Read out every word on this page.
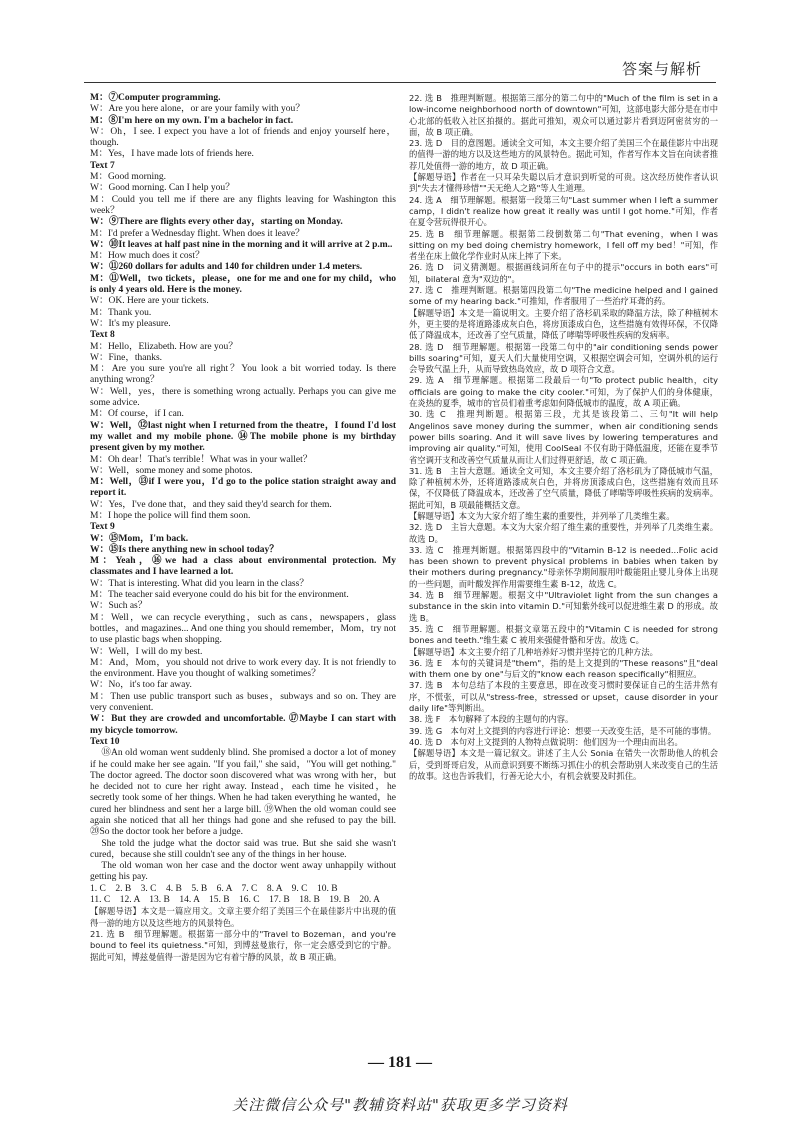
答案与解析

M：⑦Computer programming.

W：Are you here alone，or are your family with you？

M：⑧I'm here on my own. I'm a bachelor in fact.

W：Oh，I see. I expect you have a lot of friends and enjoy yourself here，though.

M：Yes，I have made lots of friends here.

Text 7

M：Good morning.

W：Good morning. Can I help you？

M：Could you tell me if there are any flights leaving for Washington this week？

W：⑨There are flights every other day，starting on Monday.

M：I'd prefer a Wednesday flight. When does it leave？

W：⑩It leaves at half past nine in the morning and it will arrive at 2 p.m..

M：How much does it cost？

W：⑪260 dollars for adults and 140 for children under 1.4 meters.

M：⑪Well，two tickets，please，one for me and one for my child，who is only 4 years old. Here is the money.

W：OK. Here are your tickets.

M：Thank you.

W：It's my pleasure.

Text 8

M：Hello，Elizabeth. How are you？

W：Fine，thanks.

M：Are you sure you're all right？You look a bit worried today. Is there anything wrong？

W：Well，yes，there is something wrong actually. Perhaps you can give me some advice.

M：Of course，if I can.

W：Well，⑫last night when I returned from the theatre，I found I'd lost my wallet and my mobile phone. ⑭The mobile phone is my birthday present given by my mother.

M：Oh dear！That's terrible！What was in your wallet？

W：Well，some money and some photos.

M：Well，⑬if I were you，I'd go to the police station straight away and report it.

W：Yes，I've done that，and they said they'd search for them.

M：I hope the police will find them soon.

Text 9

W：⑮Mom，I'm back.

W：⑮Is there anything new in school today？

M：Yeah，⑯we had a class about environmental protection. My classmates and I have learned a lot.

W：That is interesting. What did you learn in the class？

M：The teacher said everyone could do his bit for the environment.

W：Such as？

M：Well，we can recycle everything，such as cans，newspapers，glass bottles，and magazines... And one thing you should remember，Mom，try not to use plastic bags when shopping.

W：Well，I will do my best.

M：And，Mom，you should not drive to work every day. It is not friendly to the environment. Have you thought of walking sometimes？

W：No，it's too far away.

M：Then use public transport such as buses，subways and so on. They are very convenient.

W：But they are crowded and uncomfortable. ⑰Maybe I can start with my bicycle tomorrow.

Text 10

⑱An old woman went suddenly blind. She promised a doctor a lot of money if he could make her see again. "If you fail," she said，"You will get nothing." The doctor agreed. The doctor soon discovered what was wrong with her，but he decided not to cure her right away. Instead，each time he visited，he secretly took some of her things. When he had taken everything he wanted，he cured her blindness and sent her a large bill. ⑲When the old woman could see again she noticed that all her things had gone and she refused to pay the bill. ⑳So the doctor took her before a judge.

She told the judge what the doctor said was true. But she said she wasn't cured，because she still couldn't see any of the things in her house.

The old woman won her case and the doctor went away unhappily without getting his pay.

1. C　2. B　3. C　4. B　5. B　6. A　7. C　8. A　9. C　10. B

11. C　12. A　13. B　14. A　15. B　16. C　17. B　18. B　19. B　20. A

【解题导语】本文是一篇应用文。文章主要介绍了美国三个在最佳影片中出现的值得一游的地方以及这些地方的风景特色。

21. 选 B　细节理解题。根据第一部分中的"Travel to Bozeman，and you're bound to feel its quietness."可知，到博兹曼旅行，你一定会感受到它的宁静。据此可知，博兹曼值得一游是因为它有着宁静的风景，故 B 项正确。

22. 选 B　推理判断题。根据第三部分的第二句中的"Much of the film is set in a low-income neighborhood north of downtown"可知，这部电影大部分是在市中心北部的低收入社区拍摄的。据此可推知，观众可以通过影片看到迈阿密贫穷的一面，故 B 项正确。

23. 选 D　目的意图题。通读全文可知，本文主要介绍了美国三个在最佳影片中出现的值得一游的地方以及这些地方的风景特色。据此可知，作者写作本文旨在向读者推荐几处值得一游的地方，故 D 项正确。

【解题导语】作者在一只耳朵失聪以后才意识到听觉的可贵。这次经历使作者认识到"失去才懂得珍惜""天无绝人之路"等人生道理。

24. 选 A　细节理解题。根据第一段第三句"Last summer when I left a summer camp，I didn't realize how great it really was until I got home."可知，作者在夏令营玩得很开心。

25. 选 B　细节理解题。根据第二段倒数第二句"That evening，when I was sitting on my bed doing chemistry homework，I fell off my bed！"可知，作者坐在床上做化学作业时从床上摔了下来。

26. 选 D　词义猜测题。根据画线词所在句子中的提示"occurs in both ears"可知，bilateral 意为"双边的"。

27. 选 C　推理判断题。根据第四段第二句"The medicine helped and I gained some of my hearing back."可推知，作者服用了一些治疗耳聋的药。

【解题导语】本文是一篇说明文。主要介绍了洛杉矶采取的降温方法，除了种植树木外，更主要的是将道路漆成灰白色，将房顶漆成白色，这些措施有效得环保，不仅降低了降温成本，还改善了空气质量，降低了哮喘等呼吸性疾病的发病率。

28. 选 D　细节理解题。根据第一段第二句中的"air conditioning sends power bills soaring"可知，夏天人们大量使用空调，又根据空调会可知，空调外机的运行会导致气温上升，从而导致热岛效应，故 D 项符合文意。

29. 选 A　细节理解题。根据第二段最后一句"To protect public health，city officials are going to make the city cooler."可知，为了保护人们的身体健康，在炎热的夏季，城市的官员们着重考虑如何降低城市的温度，故 A 项正确。

30. 选 C　推理判断题。根据第三段，尤其是该段第二、三句"It will help Angelinos save money during the summer，when air conditioning sends power bills soaring. And it will save lives by lowering temperatures and improving air quality."可知，使用 CoolSeal 不仅有助于降低温度，还能在夏季节省空调开支和改善空气质量从而让人们过得更舒适，故 C 项正确。

31. 选 B　主旨大意题。通读全文可知，本文主要介绍了洛杉矶为了降低城市气温，除了种植树木外，还将道路漆成灰白色，并将房顶漆成白色，这些措施有效而且环保，不仅降低了降温成本，还改善了空气质量，降低了哮喘等呼吸性疾病的发病率。据此可知，B 项最能概括文意。

【解题导语】本文为大家介绍了维生素的重要性，并列举了几类维生素。

32. 选 D　主旨大意题。本文为大家介绍了维生素的重要性，并列举了几类维生素。故选 D。

33. 选 C　推理判断题。根据第四段中的"Vitamin B-12 is needed...Folic acid has been shown to prevent physical problems in babies when taken by their mothers during pregnancy."母亲怀孕期间服用叶酸能阻止婴儿身体上出现的一些问题，而叶酸发挥作用需要维生素 B-12，故选 C。

34. 选 B　细节理解题。根据文中"Ultraviolet light from the sun changes a substance in the skin into vitamin D."可知紫外线可以促进维生素 D 的形成。故选 B。

35. 选 C　细节理解题。根据文章第五段中的"Vitamin C is needed for strong bones and teeth."维生素 C 被用来强健骨骼和牙齿。故选 C。

【解题导语】本文主要介绍了几种培养好习惯并坚持它的几种方法。

36. 选 E　本句的关键词是"them"，指的是上文提到的"These reasons"且"deal with them one by one"与后文的"know each reason specifically"相照应。

37. 选 B　本句总结了本段的主要意思，即在改变习惯时要保证自己的生活井然有序，不慌张，可以从"stress-free，stressed or upset，cause disorder in your daily life"等判断出。

38. 选 F　本句解释了本段的主题句的内容。

39. 选 G　本句对上文提到的内容进行评论：想要一天改变生活，是不可能的事情。

40. 选 D　本句对上文提到的人物特点做说明：他们因为一个理由而出名。

【解题导语】本文是一篇记叙文。讲述了主人公 Sonia 在错失一次帮助他人的机会后，受到哥哥启发，从而意识到要不断练习抓住小的机会帮助别人来改变自己的生活的故事。这也告诉我们，行善无论大小，有机会就要及时抓住。

— 181 —
关注微信公众号"教辅资料站"获取更多学习资料
